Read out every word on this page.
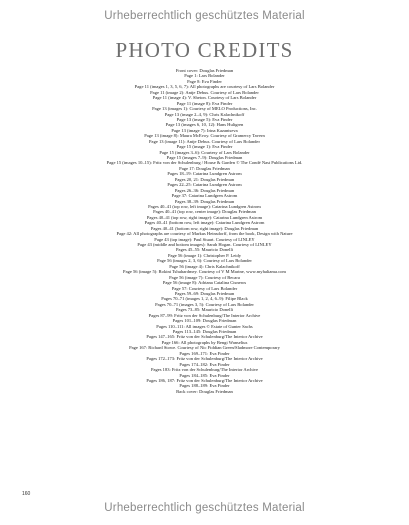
Urheberrechtlich geschütztes Material
PHOTO CREDITS
Front cover: Douglas Friedman
Page 1: Lars Bolander
Page 8: Eva Finder
Page 11 (images 1, 3, 5, 6, 7): All photographs are courtesy of Lars Bolander
Page 11 (image 2): Antje Debus. Courtesy of Lars Bolander
Page 11 (image 4): V. Sheton. Courtesy of Lars Bolander
Page 11 (image 8): Eva Finder
Page 13 (images 1): Courtesy of MELO Productions, Inc.
Page 13 (image 2–4, 9): Chris Kalachnikoff
Page 13 (image 5): Eva Finder
Page 13 (images 6, 10, 12): Hans Hultgren
Page 13 (image 7): Irina Kazantseva
Page 13 (image 8): Maura McEvoy. Courtesy of Gramercy Tavern
Page 13 (image 11): Antje Debus. Courtesy of Lars Bolander
Page 15 (image 1): Eva Finder
Page 15 (images 3–6): Courtesy of Lars Bolander
Page 15 (images 7–9): Douglas Friedman
Page 15 (images 10–15): Fritz von der Schulenburg / House & Garden © The Condé Nast Publications Ltd.
Page 17: Douglas Friedman
Pages 18–19: Catarina Lundgren Astrom
Pages 20, 21: Douglas Friedman
Pages 22–25: Catarina Lundgren Astrom
Pages 26–36: Douglas Friedman
Page 37: Catarina Lundgren Astrom
Pages 38–39: Douglas Friedman
Pages 40–41 (top row, left image): Catarina Lundgren Astrom
Pages 40–41 (top row, center image): Douglas Friedman
Pages 40–41 (top row, right image): Catarina Lundgren Astrom
Pages 40–41 (bottom row, left image): Catarina Lundgren Astrom
Pages 40–41 (bottom row, right image): Douglas Friedman
Page 42: All photographs are courtesy of Markus Heinsdorff, from the book, Design with Nature
Page 43 (top image): Paul Stuart. Courtesy of LINLEY
Page 43 (middle and bottom images): Sarah Hogan. Courtesy of LINLEY
Pages 45–55: Mauricio Donelli
Page 56 (image 1): Christopher P. Leidy
Page 56 (images 2, 3, 6): Courtesy of Lars Bolander
Page 56 (image 4): Chris Kalachnikoff
Page 56 (image 5): Rokini Tshuhardmey. Courtesy of V M Marine, www.myhaliama.com
Page 56 (image 7): Courtesy of Becara
Page 56 (image 8): Adriana Catalina Cisneros
Page 57: Courtesy of Lars Bolander
Pages 59–69: Douglas Friedman
Pages 70–71 (images 1, 2, 4, 6–9): Filipe Black
Pages 70–71 (images 3, 5): Courtesy of Lars Bolander
Pages 73–85: Mauricio Donelli
Pages 87–99: Fritz von der Schulenburg/The Interior Archive
Pages 101–109: Douglas Friedman
Pages 110–111: All images © Estate of Gunter Sachs
Pages 113–145: Douglas Friedman
Pages 147–165: Fritz von der Schulenburg/The Interior Archive
Page 166: All photographs by Bengt Wanselius
Page 167: Richard Stowe. Courtesy of Nic Fiddian Green/Sladmore Contemporary
Pages 169–171: Eva Finder
Pages 172–173: Fritz von der Schulenburg/The Interior Archive
Pages 174–182: Eva Finder
Pages 183: Fritz von der Schulenburg/The Interior Archive
Pages 184–185: Eva Finder
Pages 186, 187: Fritz von der Schulenburg/The Interior Archive
Pages 188–189: Eva Finder
Back cover: Douglas Friedman
160
Urheberrechtlich geschütztes Material
